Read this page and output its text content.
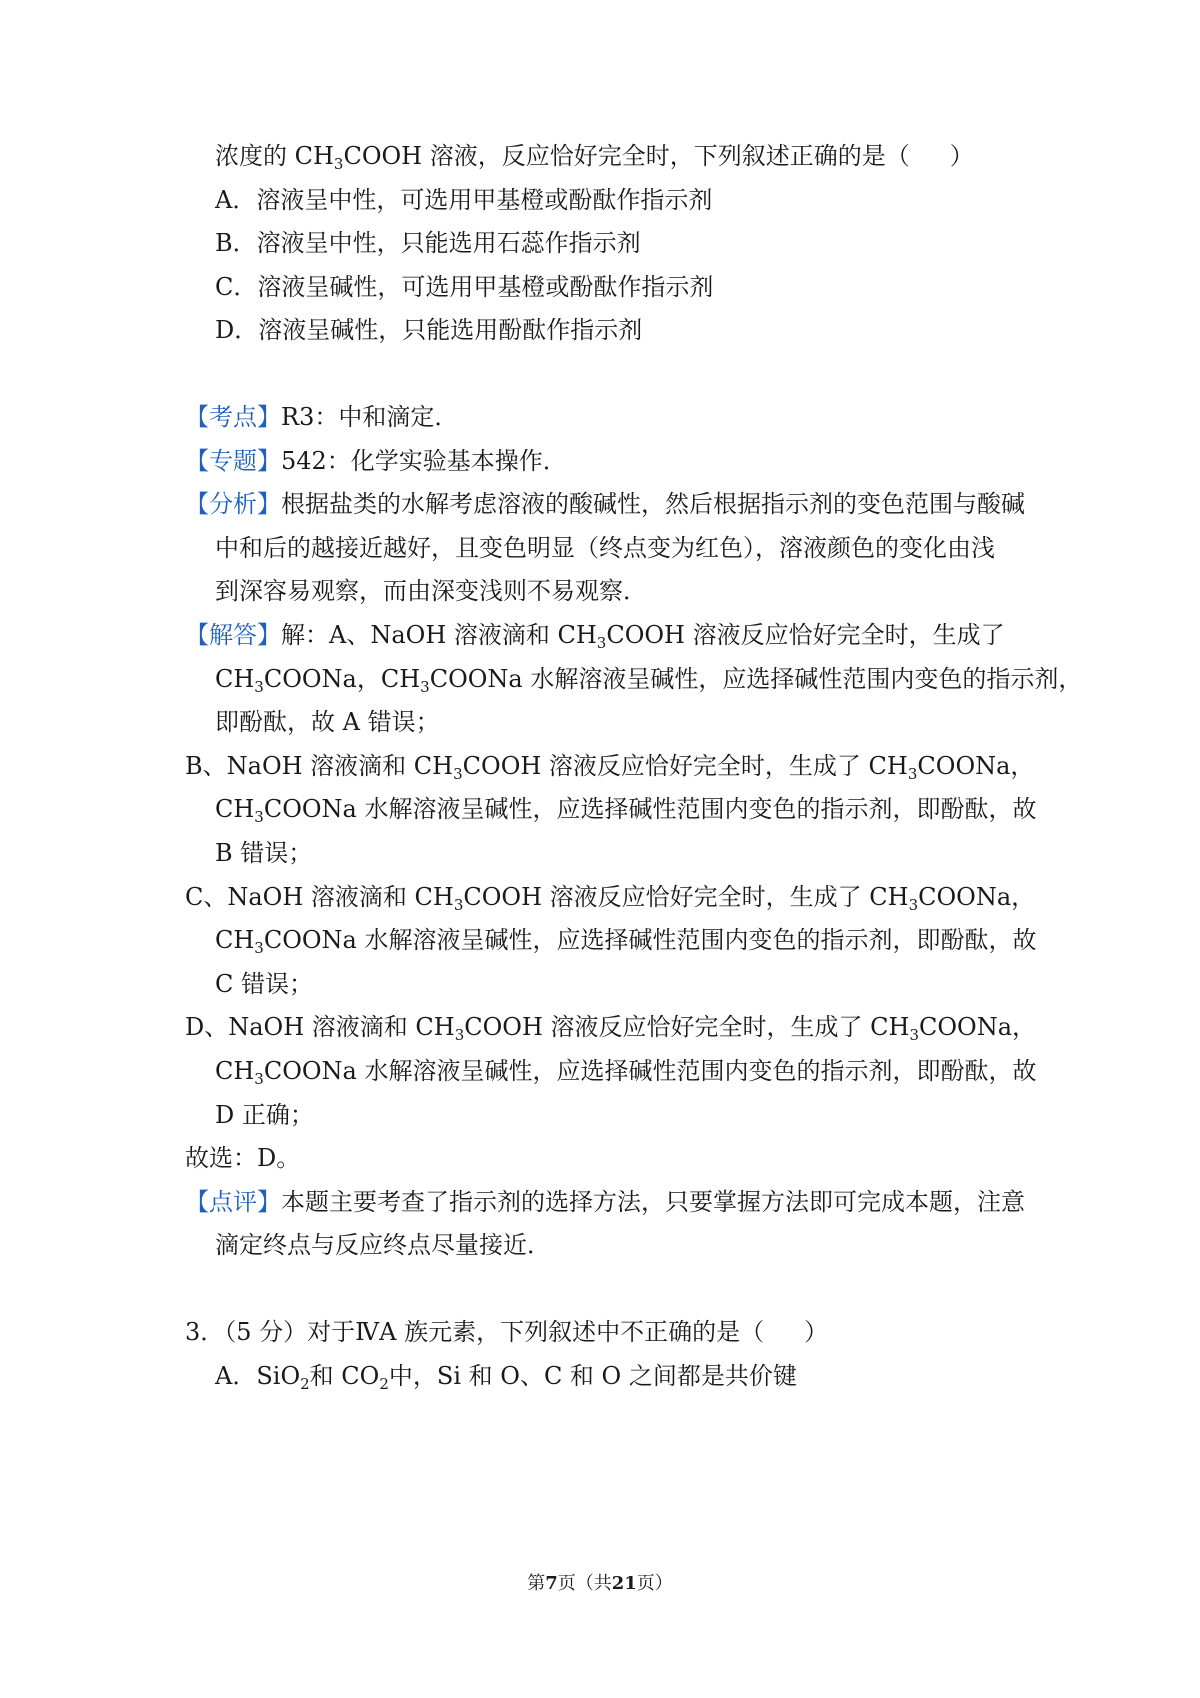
浓度的 $CH_3COOH$ 溶液，反应恰好完全时，下列叙述正确的是（ ）
A．溶液呈中性，可选用甲基橙或酚酞作指示剂
B．溶液呈中性，只能选用石蕊作指示剂
C．溶液呈碱性，可选用甲基橙或酚酞作指示剂
D．溶液呈碱性，只能选用酚酞作指示剂
【考点】R3：中和滴定．
【专题】542：化学实验基本操作．
【分析】根据盐类的水解考虑溶液的酸碱性，然后根据指示剂的变色范围与酸碱
中和后的越接近越好，且变色明显（终点变为红色），溶液颜色的变化由浅
到深容易观察，而由深变浅则不易观察．
【解答】解：A、NaOH 溶液滴和 $CH_3COOH$ 溶液反应恰好完全时，生成了
$CH_3COONa$，$CH_3COONa$ 水解溶液呈碱性，应选择碱性范围内变色的指示剂，
即酚酞，故 A 错误；
B、NaOH 溶液滴和 $CH_3COOH$ 溶液反应恰好完全时，生成了 $CH_3COONa$，
$CH_3COONa$ 水解溶液呈碱性，应选择碱性范围内变色的指示剂，即酚酞，故
B 错误；
C、NaOH 溶液滴和 $CH_3COOH$ 溶液反应恰好完全时，生成了 $CH_3COONa$，
$CH_3COONa$ 水解溶液呈碱性，应选择碱性范围内变色的指示剂，即酚酞，故
C 错误；
D、NaOH 溶液滴和 $CH_3COOH$ 溶液反应恰好完全时，生成了 $CH_3COONa$，
$CH_3COONa$ 水解溶液呈碱性，应选择碱性范围内变色的指示剂，即酚酞，故
D 正确；
故选：D。
【点评】本题主要考查了指示剂的选择方法，只要掌握方法即可完成本题，注意
滴定终点与反应终点尽量接近．
3．（5 分）对于ⅣA 族元素，下列叙述中不正确的是（ ）
A．SiO$_2$和 $CO_2$中，Si 和 O、C 和 O 之间都是共价键
第7页（共21页）
